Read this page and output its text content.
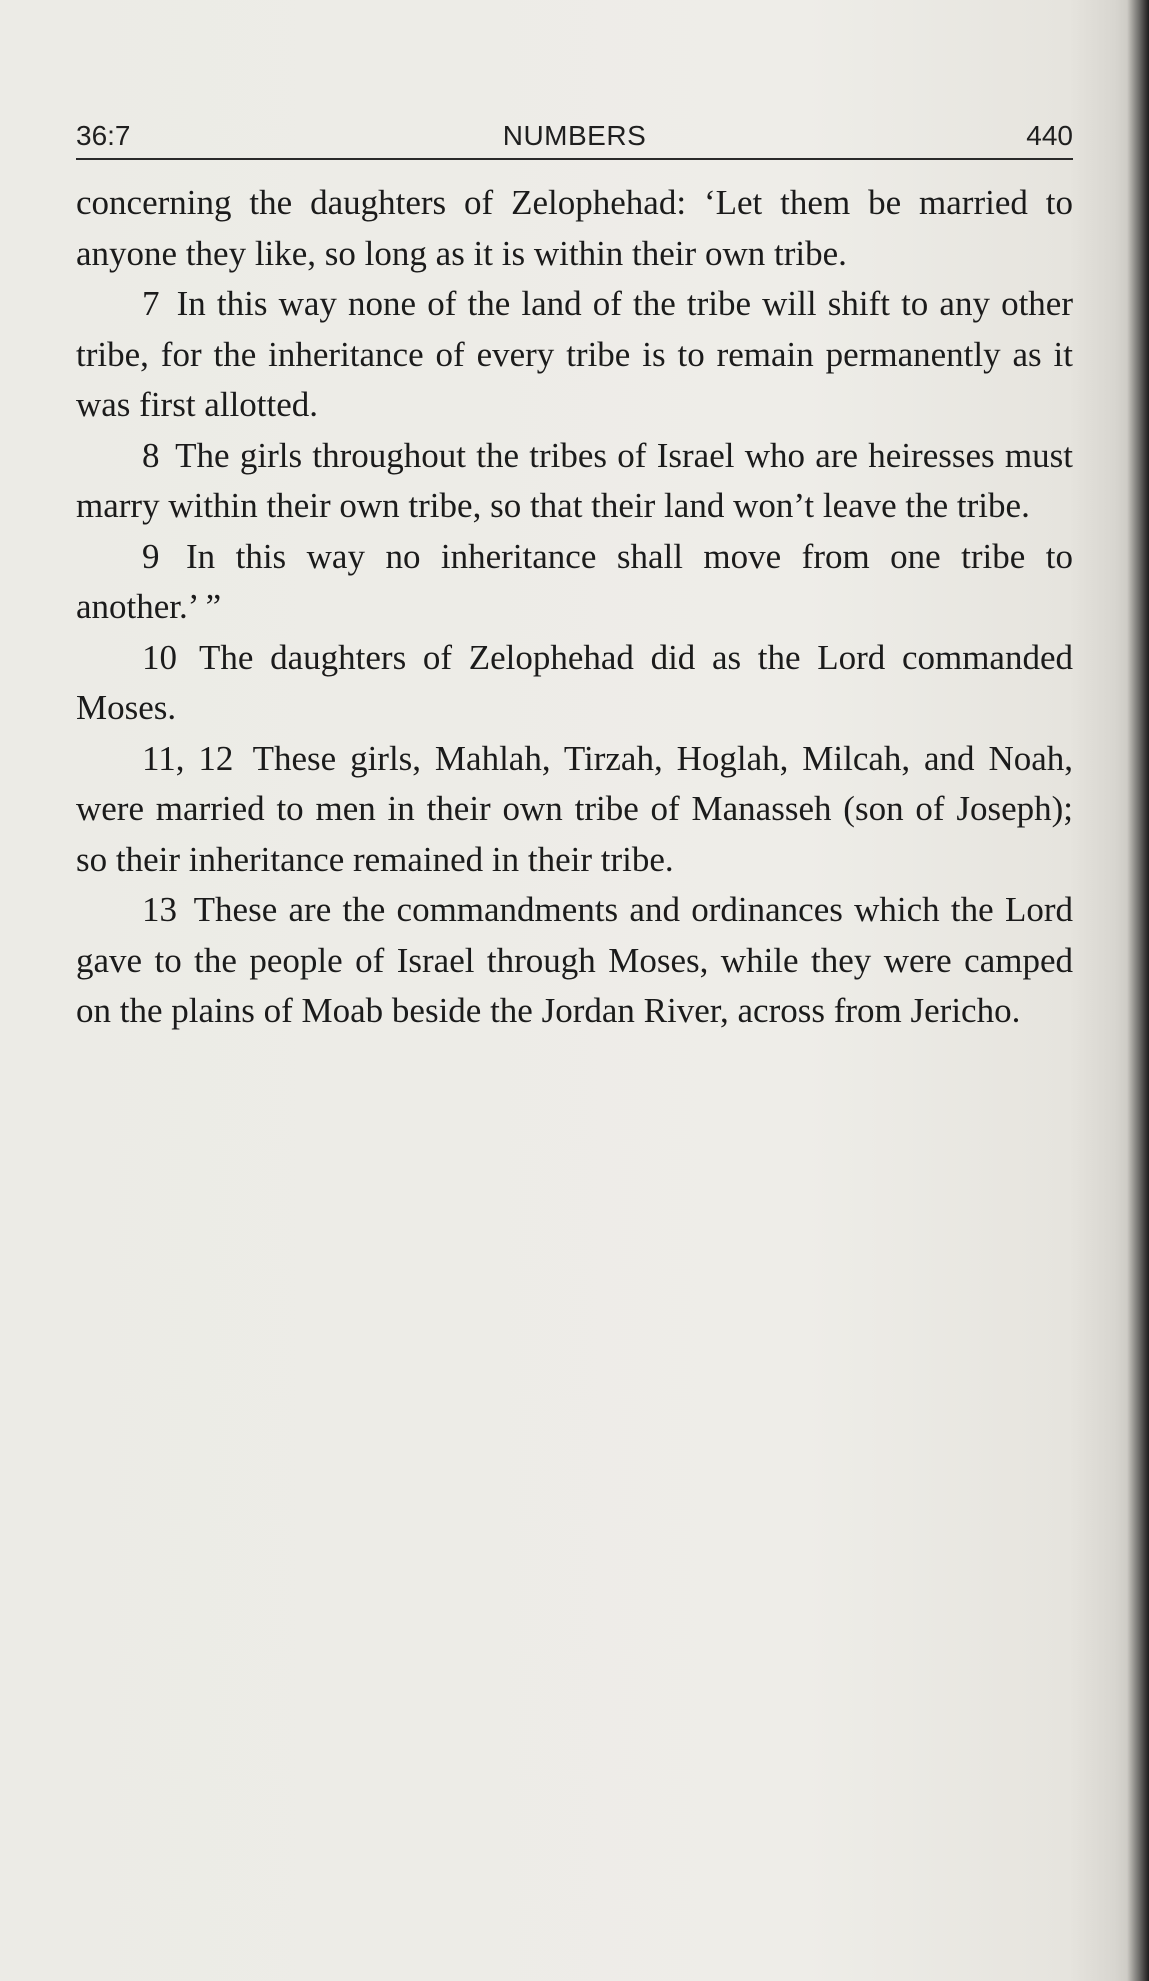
NUMBERS
36:7	440

concerning the daughters of Zelophehad: ‘Let them be married to anyone they like, so long as it is within their own tribe.

7 In this way none of the land of the tribe will shift to any other tribe, for the inheritance of every tribe is to remain permanently as it was first allotted.

8 The girls throughout the tribes of Israel who are heiresses must marry within their own tribe, so that their land won’t leave the tribe.

9 In this way no inheritance shall move from one tribe to another.’ ”

10 The daughters of Zelophehad did as the Lord commanded Moses.

11, 12 These girls, Mahlah, Tirzah, Hoglah, Milcah, and Noah, were married to men in their own tribe of Manasseh (son of Joseph); so their inheritance remained in their tribe.

13 These are the commandments and ordinances which the Lord gave to the people of Israel through Moses, while they were camped on the plains of Moab beside the Jordan River, across from Jericho.
